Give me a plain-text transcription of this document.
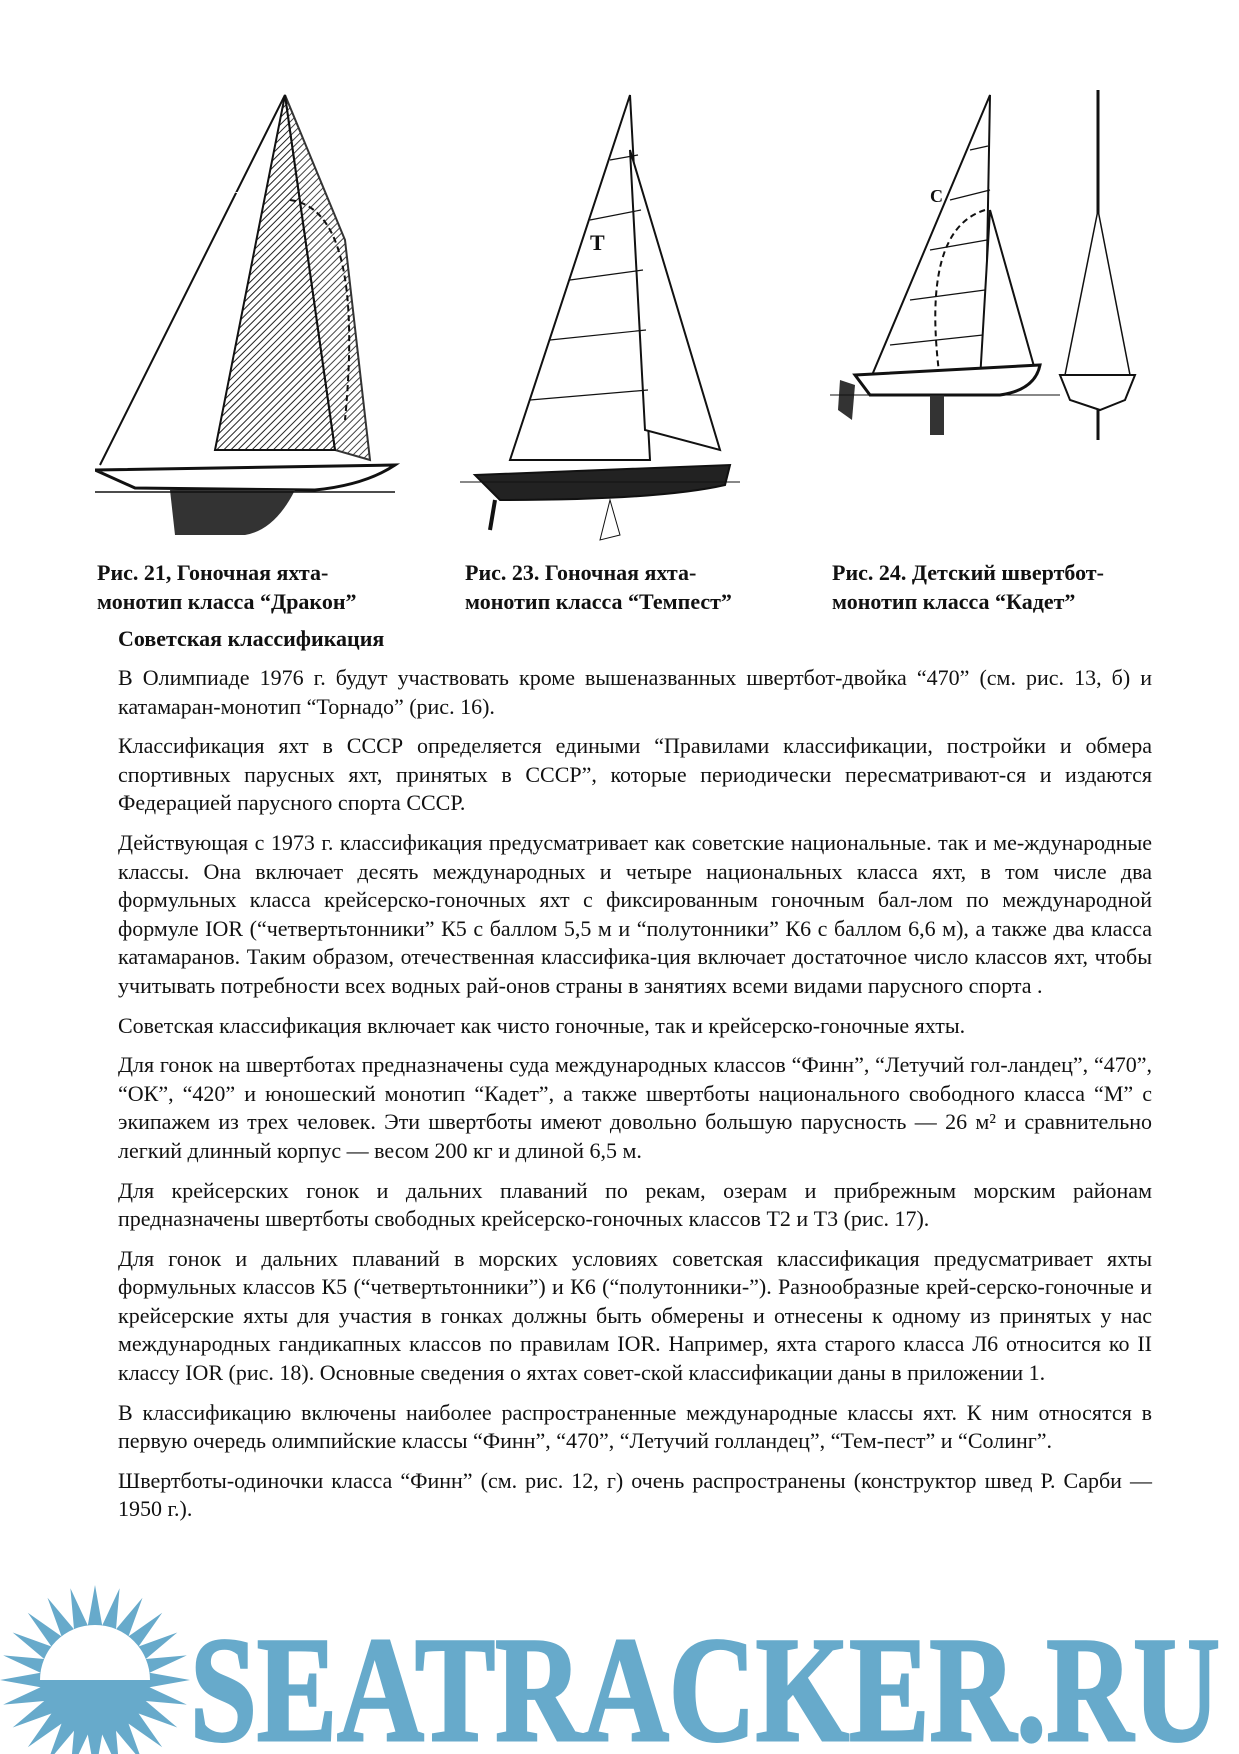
D
T
C
Рис. 21, Гоночная яхта-
монотип класса “Дракон”
Рис. 23. Гоночная яхта-
монотип класса “Темпест”
Рис. 24. Детский швертбот-
монотип класса “Кадет”
Советская классификация

В Олимпиаде 1976 г. будут участвовать кроме вышеназванных швертбот-двойка “470” (см. рис. 13, б) и катамаран-монотип “Торнадо” (рис. 16).

Классификация яхт в СССР определяется едиными “Правилами классификации, постройки и обмера спортивных парусных яхт, принятых в СССР”, которые периодически пересматривают-ся и издаются Федерацией парусного спорта СССР.

Действующая с 1973 г. классификация предусматривает как советские национальные. так и ме-ждународные классы. Она включает десять международных и четыре национальных класса яхт, в том числе два формульных класса крейсерско-гоночных яхт с фиксированным гоночным бал-лом по международной формуле IOR (“четвертьтонники” К5 с баллом 5,5 м и “полутонники” К6 с баллом 6,6 м), а также два класса катамаранов. Таким образом, отечественная классифика-ция включает достаточное число классов яхт, чтобы учитывать потребности всех водных рай-онов страны в занятиях всеми видами парусного спорта .

Советская классификация включает как чисто гоночные, так и крейсерско-гоночные яхты.

Для гонок на швертботах предназначены суда международных классов “Финн”, “Летучий гол-ландец”, “470”, “ОК”, “420” и юношеский монотип “Кадет”, а также швертботы национального свободного класса “М” с экипажем из трех человек. Эти швертботы имеют довольно большую парусность — 26 м² и сравнительно легкий длинный корпус — весом 200 кг и длиной 6,5 м.

Для крейсерских гонок и дальних плаваний по рекам, озерам и прибрежным морским районам предназначены швертботы свободных крейсерско-гоночных классов Т2 и Т3 (рис. 17).

Для гонок и дальних плаваний в морских условиях советская классификация предусматривает яхты формульных классов К5 (“четвертьтонники”) и К6 (“полутонники-”). Разнообразные крей-серско-гоночные и крейсерские яхты для участия в гонках должны быть обмерены и отнесены к одному из принятых у нас международных гандикапных классов по правилам IOR. Например, яхта старого класса Л6 относится ко II классу IOR (рис. 18). Основные сведения о яхтах совет-ской классификации даны в приложении 1.

В классификацию включены наиболее распространенные международные классы яхт. К ним относятся в первую очередь олимпийские классы “Финн”, “470”, “Летучий голландец”, “Тем-пест” и “Солинг”.

Швертботы-одиночки класса “Финн” (см. рис. 12, г) очень распространены (конструктор швед Р. Сарби — 1950 г.).

SEATRACKER.RU
